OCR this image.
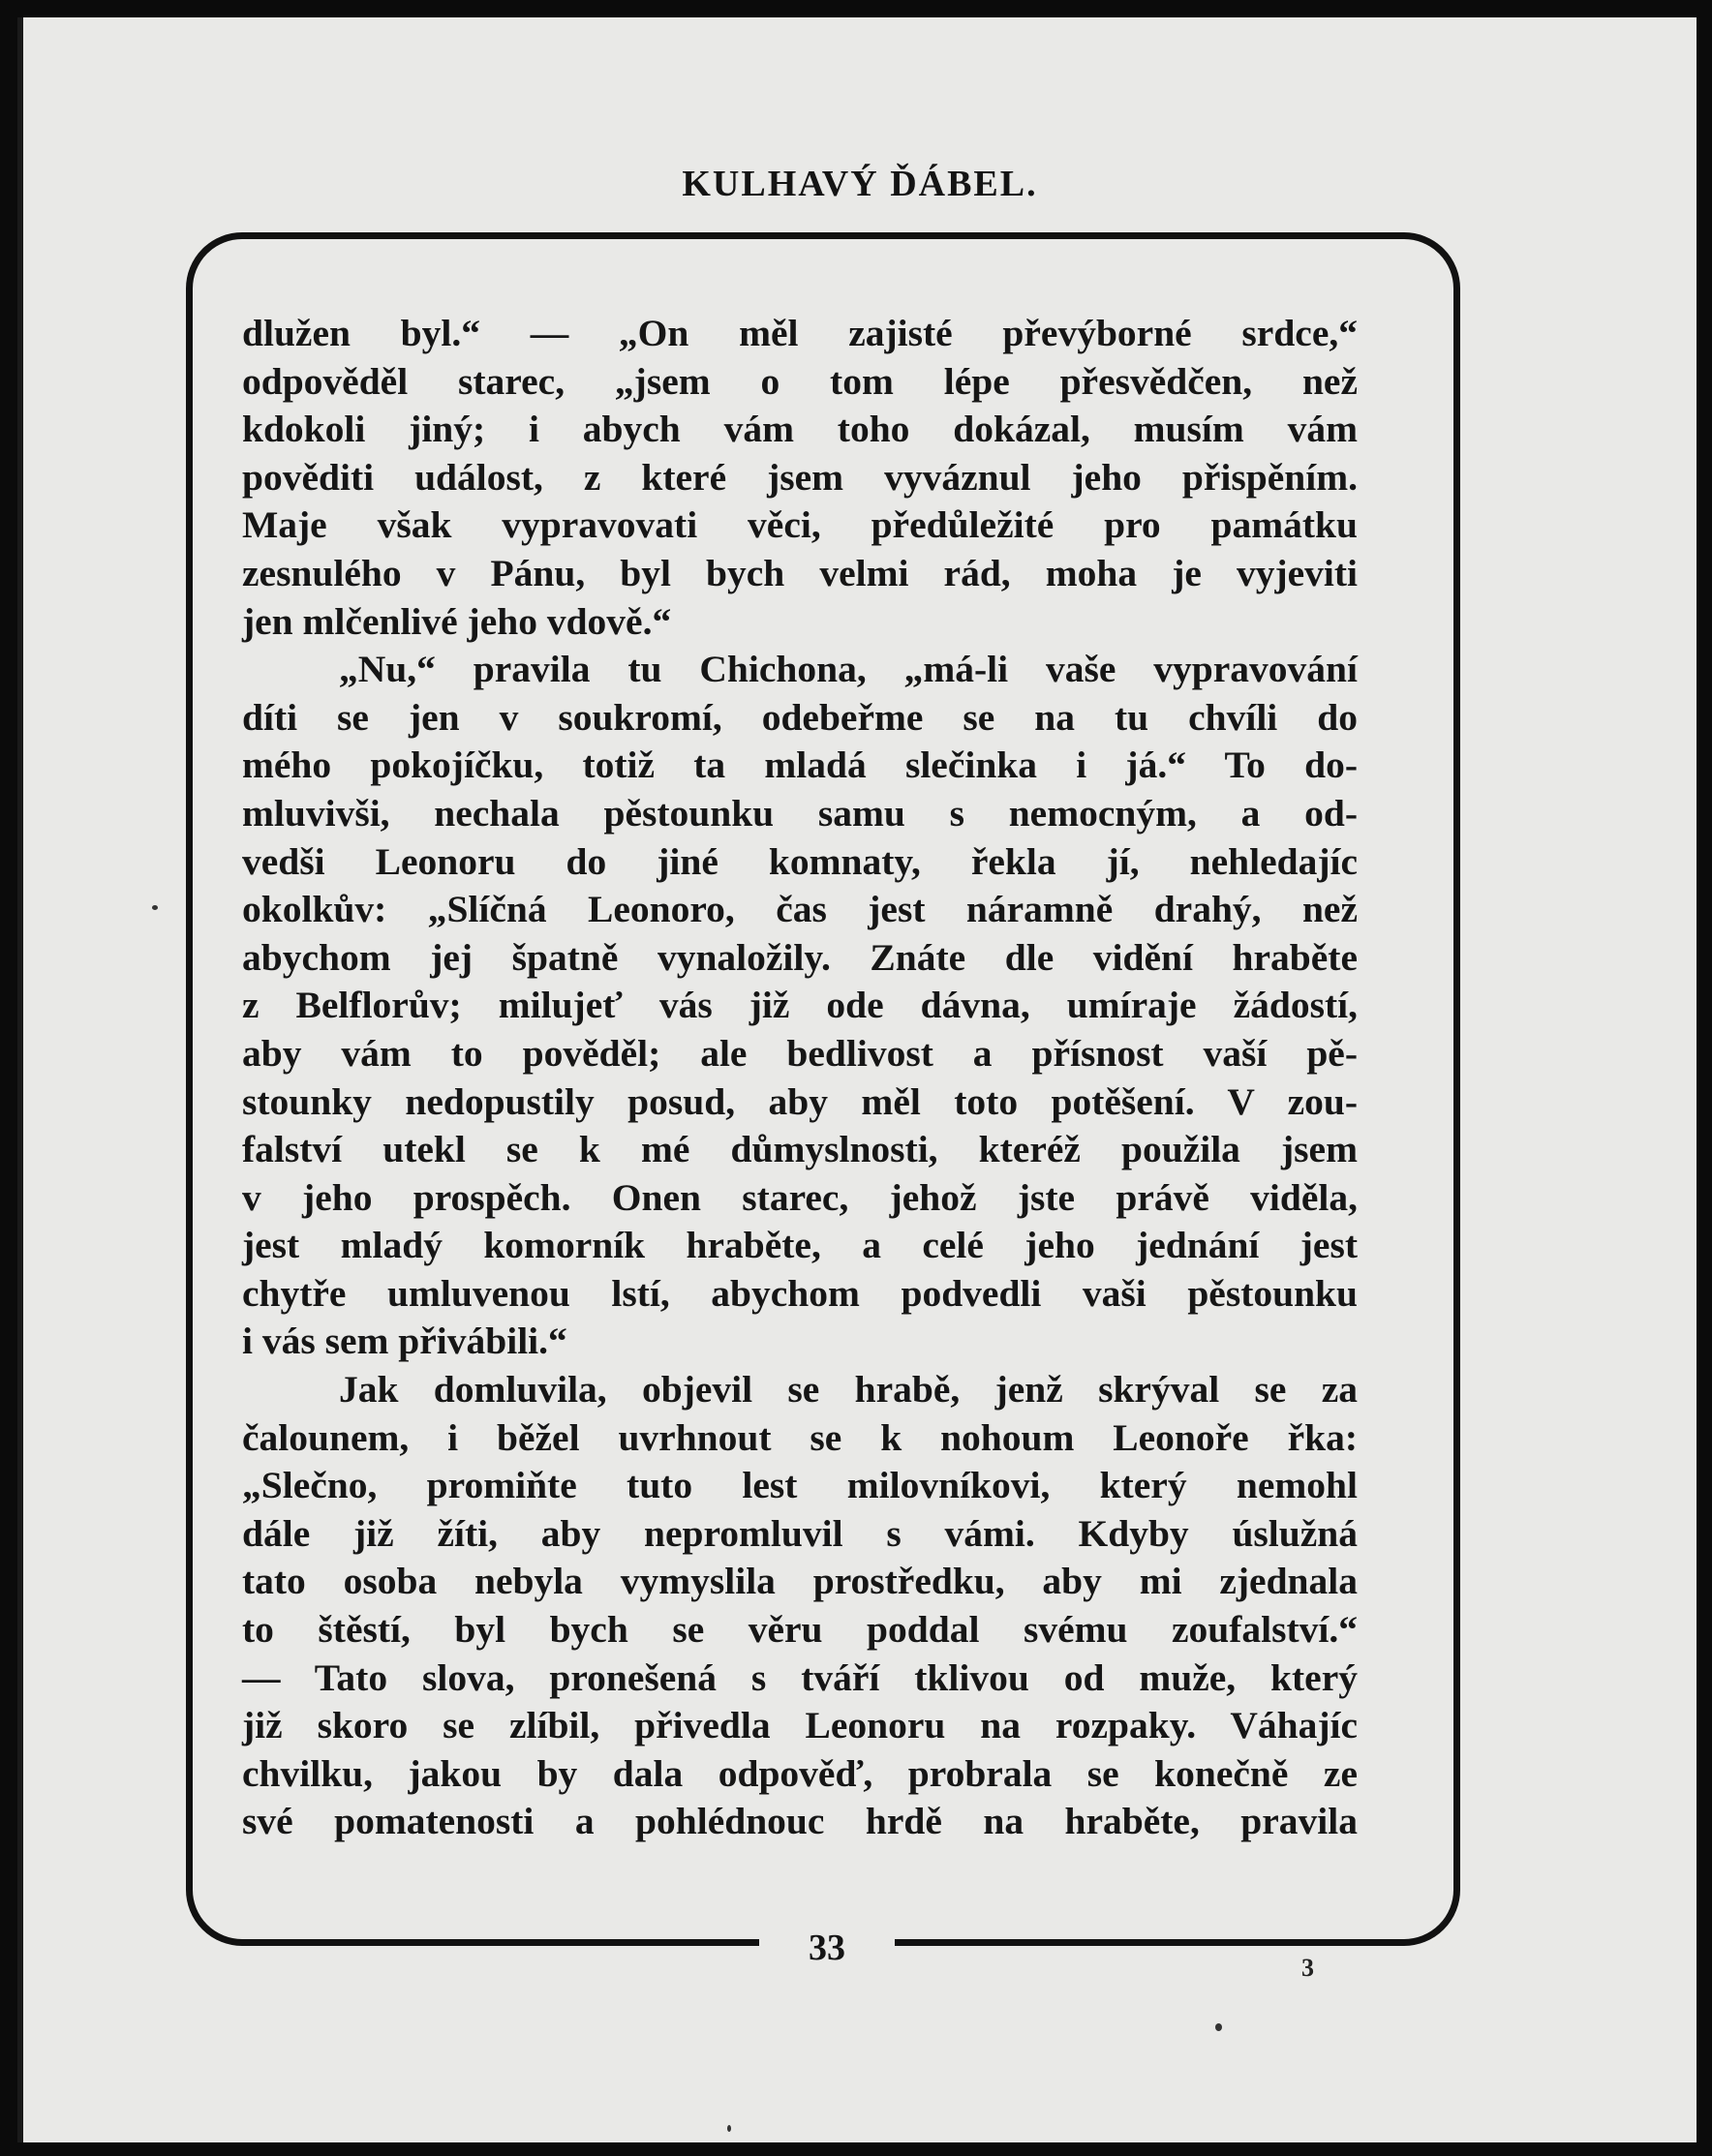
KULHAVÝ ĎÁBEL.
33	3
dlužen byl.“ — „On měl zajisté převýborné srdce,“
odpověděl starec, „jsem o tom lépe přesvědčen, než
kdokoli jiný; i abych vám toho dokázal, musím vám
pověditi událost, z které jsem vyváznul jeho přispěním.
Maje však vypravovati věci, předůležité pro památku
zesnulého v Pánu, byl bych velmi rád, moha je vyjeviti
jen mlčenlivé jeho vdově.“
„Nu,“ pravila tu Chichona, „má-li vaše vypravování
díti se jen v soukromí, odebeřme se na tu chvíli do
mého pokojíčku, totiž ta mladá slečinka i já.“ To do-
mluvivši, nechala pěstounku samu s nemocným, a od-
vedši Leonoru do jiné komnaty, řekla jí, nehledajíc
okolkův: „Slíčná Leonoro, čas jest náramně drahý, než
abychom jej špatně vynaložily. Znáte dle vidění hraběte
z Belflorův; milujeť vás již ode dávna, umíraje žádostí,
aby vám to pověděl; ale bedlivost a přísnost vaší pě-
stounky nedopustily posud, aby měl toto potěšení. V zou-
falství utekl se k mé důmyslnosti, kteréž použila jsem
v jeho prospěch. Onen starec, jehož jste právě viděla,
jest mladý komorník hraběte, a celé jeho jednání jest
chytře umluvenou lstí, abychom podvedli vaši pěstounku
i vás sem přivábili.“
Jak domluvila, objevil se hrabě, jenž skrýval se za
čalounem, i běžel uvrhnout se k nohoum Leonoře řka:
„Slečno, promiňte tuto lest milovníkovi, který nemohl
dále již žíti, aby nepromluvil s vámi. Kdyby úslužná
tato osoba nebyla vymyslila prostředku, aby mi zjednala
to štěstí, byl bych se věru poddal svému zoufalství.“
— Tato slova, pronešená s tváří tklivou od muže, který
již skoro se zlíbil, přivedla Leonoru na rozpaky. Váhajíc
chvilku, jakou by dala odpověď, probrala se konečně ze
své pomatenosti a pohlédnouc hrdě na hraběte, pravila
